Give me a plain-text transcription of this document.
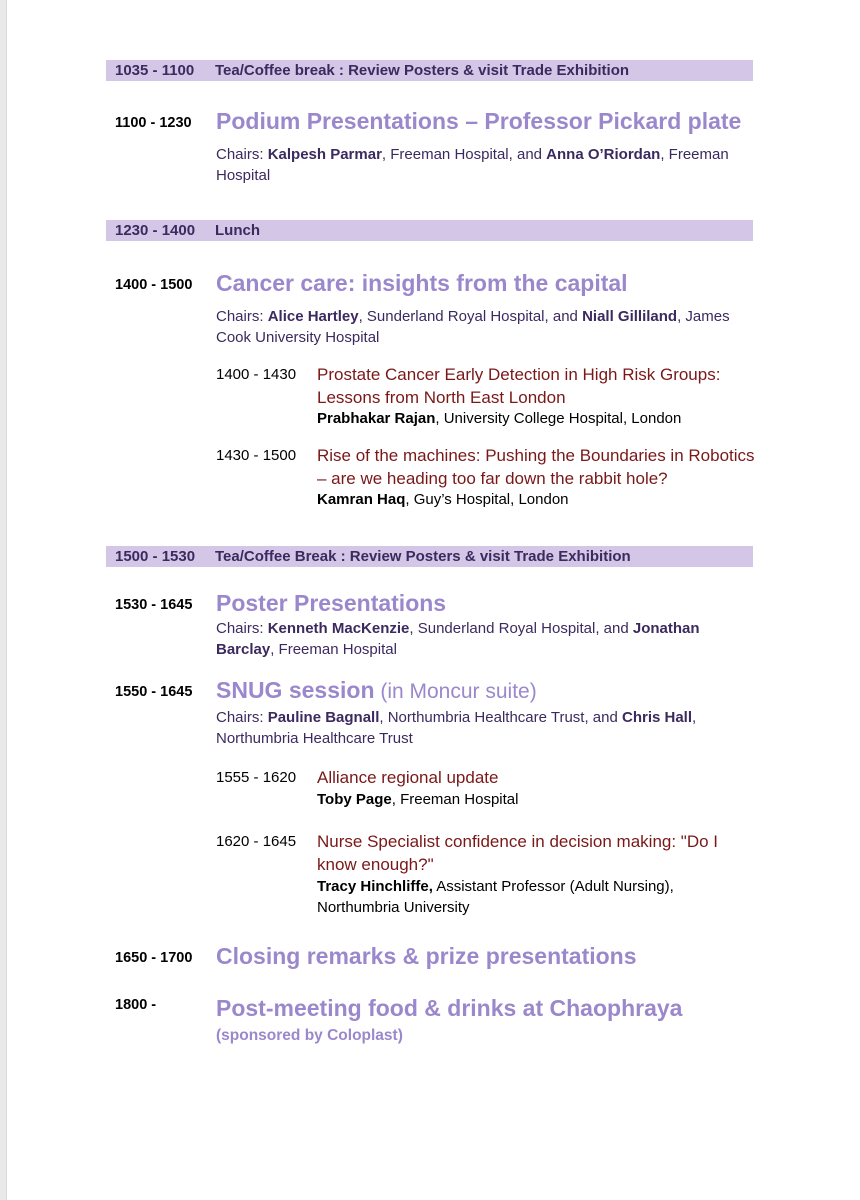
1035 - 1100 Tea/Coffee break : Review Posters & visit Trade Exhibition
1100 - 1230 Podium Presentations – Professor Pickard plate
Chairs: Kalpesh Parmar, Freeman Hospital, and Anna O’Riordan, Freeman Hospital
1230 - 1400 Lunch
1400 - 1500 Cancer care: insights from the capital
Chairs: Alice Hartley, Sunderland Royal Hospital, and Niall Gilliland, James Cook University Hospital
1400 - 1430 Prostate Cancer Early Detection in High Risk Groups: Lessons from North East London
Prabhakar Rajan, University College Hospital, London
1430 - 1500 Rise of the machines: Pushing the Boundaries in Robotics – are we heading too far down the rabbit hole?
Kamran Haq, Guy’s Hospital, London
1500 - 1530 Tea/Coffee Break : Review Posters & visit Trade Exhibition
1530 - 1645 Poster Presentations
Chairs: Kenneth MacKenzie, Sunderland Royal Hospital, and Jonathan Barclay, Freeman Hospital
1550 - 1645 SNUG session (in Moncur suite)
Chairs: Pauline Bagnall, Northumbria Healthcare Trust, and Chris Hall, Northumbria Healthcare Trust
1555 - 1620 Alliance regional update
Toby Page, Freeman Hospital
1620 - 1645 Nurse Specialist confidence in decision making: "Do I know enough?"
Tracy Hinchliffe, Assistant Professor (Adult Nursing), Northumbria University
1650 - 1700 Closing remarks & prize presentations
1800 -	Post-meeting food & drinks at Chaophraya
(sponsored by Coloplast)
